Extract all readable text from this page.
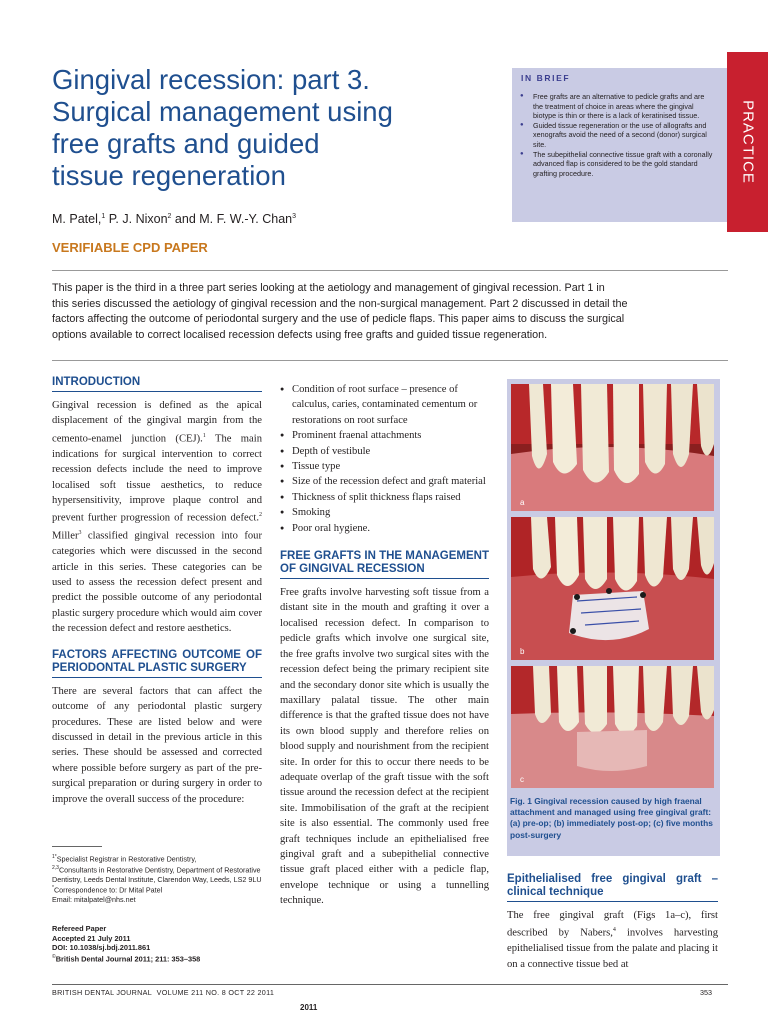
Gingival recession: part 3.
Surgical management using
free grafts and guided
tissue regeneration
M. Patel,$^1$ P. J. Nixon$^2$ and M. F. W.-Y. Chan$^3$
VERIFIABLE CPD PAPER
IN BRIEF
● Free grafts are an alternative to pedicle grafts and are the treatment of choice in areas where the gingival biotype is thin or there is a lack of keratinised tissue.
● Guided tissue regeneration or the use of allografts and xenografts avoid the need of a second (donor) surgical site.
● The subepithelial connective tissue graft with a coronally advanced flap is considered to be the gold standard grafting procedure.	PRACTICE
This paper is the third in a three part series looking at the aetiology and management of gingival recession. Part 1 in
this series discussed the aetiology of gingival recession and the non-surgical management. Part 2 discussed in detail the
factors affecting the outcome of periodontal surgery and the use of pedicle flaps. This paper aims to discuss the surgical
options available to correct localised recession defects using free grafts and guided tissue regeneration.
INTRODUCTION

Gingival recession is defined as the apical displacement of the gingival margin from the cemento-enamel junction (CEJ).$^1$ The main indications for surgical intervention to correct recession defects include the need to improve localised soft tissue aesthetics, to reduce hypersensitivity, improve plaque control and prevent further progression of recession defect.$^2$ Miller$^3$ classified gingival recession into four categories which were discussed in the second article in this series. These categories can be used to assess the recession defect present and predict the possible outcome of any periodontal plastic surgery procedure which would aim cover the recession defect and restore aesthetics.

FACTORS AFFECTING OUTCOME OF PERIODONTAL PLASTIC SURGERY

There are several factors that can affect the outcome of any periodontal plastic surgery procedures. These are listed below and were discussed in detail in the previous article in this series. These should be assessed and corrected where possible before surgery as part of the pre-surgical preparation or during surgery in order to improve the overall success of the procedure:

$^{1*}$Specialist Registrar in Restorative Dentistry,
$^{2,3}$Consultants in Restorative Dentistry, Department of Restorative Dentistry, Leeds Dental Institute, Clarendon Way, Leeds, LS2 9LU
*Correspondence to: Dr Mital Patel
Email: mitalpatel@nhs.net
Refereed Paper
Accepted 21 July 2011
DOI: 10.1038/sj.bdj.2011.861
©British Dental Journal 2011; 211: 353–358
● Condition of root surface – presence of calculus, caries, contaminated cementum or restorations on root surface
● Prominent fraenal attachments
● Depth of vestibule
● Tissue type
● Size of the recession defect and graft material
● Thickness of split thickness flaps raised
● Smoking
● Poor oral hygiene.
FREE GRAFTS IN THE MANAGEMENT OF GINGIVAL RECESSION

Free grafts involve harvesting soft tissue from a distant site in the mouth and grafting it over a localised recession defect. In comparison to pedicle grafts which involve one surgical site, the free grafts involve two surgical sites with the recession defect being the primary recipient site and the secondary donor site which is usually the maxillary palatal tissue. The other main difference is that the grafted tissue does not have its own blood supply and therefore relies on blood supply and nourishment from the recipient site. In order for this to occur there needs to be adequate overlap of the graft tissue with the soft tissue around the recession defect at the recipient site. Immobilisation of the graft at the recipient site is also essential. The commonly used free graft techniques include an epithelialised free gingival graft and a subepithelial connective tissue graft placed either with a pedicle flap, envelope technique or using a tunnelling technique.

a
b
c
Fig. 1 Gingival recession caused by high fraenal attachment and managed using free gingival graft: (a) pre-op; (b) immediately post-op; (c) five months post-surgery
Epithelialised free gingival graft – clinical technique

The free gingival graft (Figs 1a–c), first described by Nabers,$^4$ involves harvesting epithelialised tissue from the palate and placing it on a connective tissue bed at

BRITISH DENTAL JOURNAL VOLUME 211 NO. 8 OCT 22 2011	353
2011
